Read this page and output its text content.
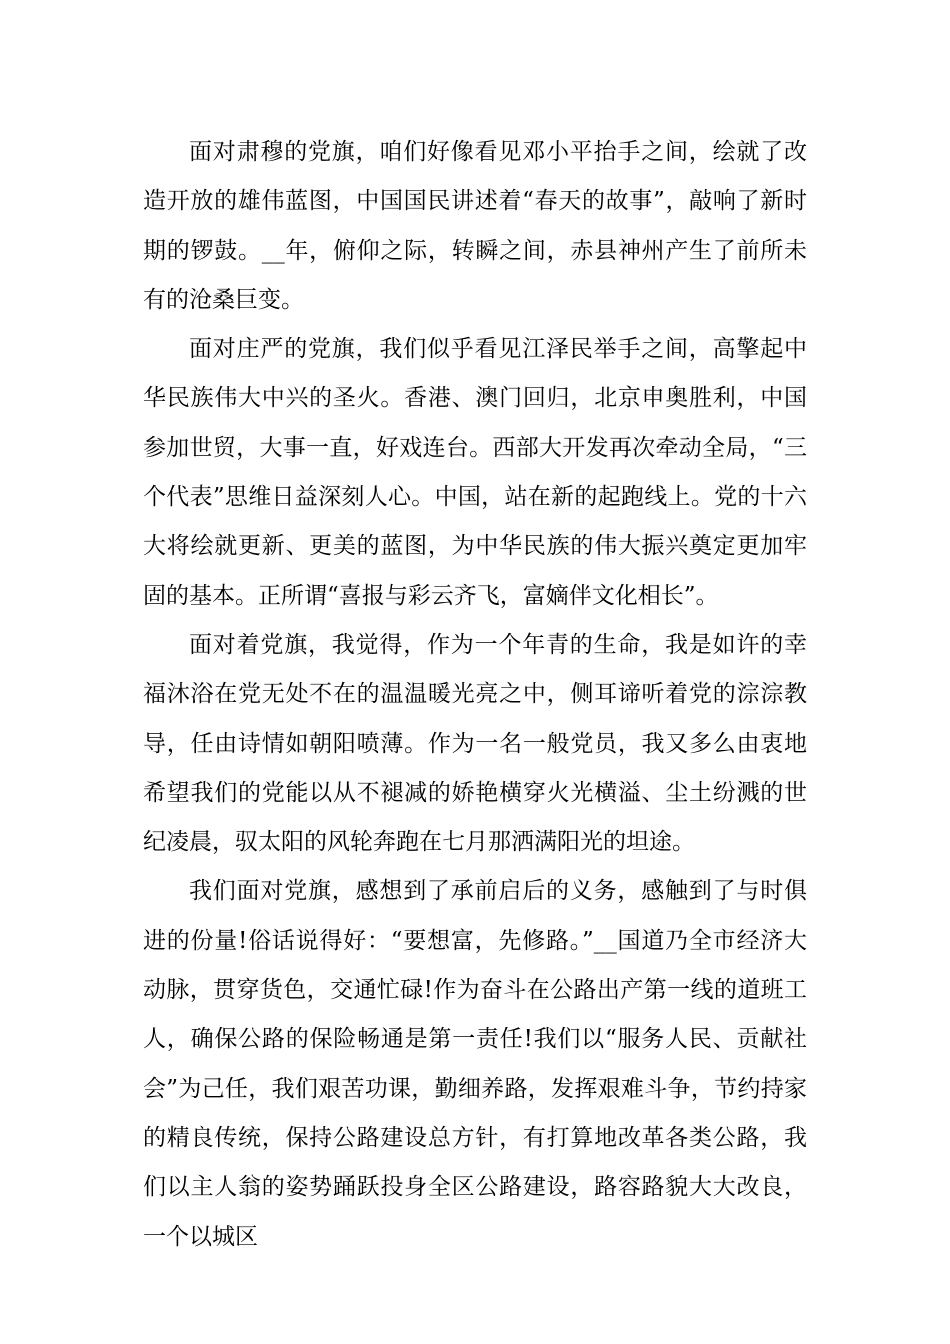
面对肃穆的党旗，咱们好像看见邓小平抬手之间，绘就了改造开放的雄伟蓝图，中国国民讲述着“春天的故事”，敲响了新时期的锣鼓。__年，俯仰之际，转瞬之间，赤县神州产生了前所未有的沧桑巨变。

面对庄严的党旗，我们似乎看见江泽民举手之间，高擎起中华民族伟大中兴的圣火。香港、澳门回归，北京申奥胜利，中国参加世贸，大事一直，好戏连台。西部大开发再次牵动全局，“三个代表”思维日益深刻人心。中国，站在新的起跑线上。党的十六大将绘就更新、更美的蓝图，为中华民族的伟大振兴奠定更加牢固的基本。正所谓“喜报与彩云齐飞，富嫡伴文化相长”。

面对着党旗，我觉得，作为一个年青的生命，我是如许的幸福沐浴在党无处不在的温温暖光亮之中，侧耳谛听着党的淙淙教导，任由诗情如朝阳喷薄。作为一名一般党员，我又多么由衷地希望我们的党能以从不褪减的娇艳横穿火光横溢、尘土纷溅的世纪凌晨，驭太阳的风轮奔跑在七月那洒满阳光的坦途。

我们面对党旗，感想到了承前启后的义务，感触到了与时俱进的份量!俗话说得好：“要想富，先修路。”__国道乃全市经济大动脉，贯穿货色，交通忙碌!作为奋斗在公路出产第一线的道班工人，确保公路的保险畅通是第一责任!我们以“服务人民、贡献社会”为己任，我们艰苦功课，勤细养路，发挥艰难斗争，节约持家的精良传统，保持公路建设总方针，有打算地改革各类公路，我们以主人翁的姿势踊跃投身全区公路建设，路容路貌大大改良，一个以城区
